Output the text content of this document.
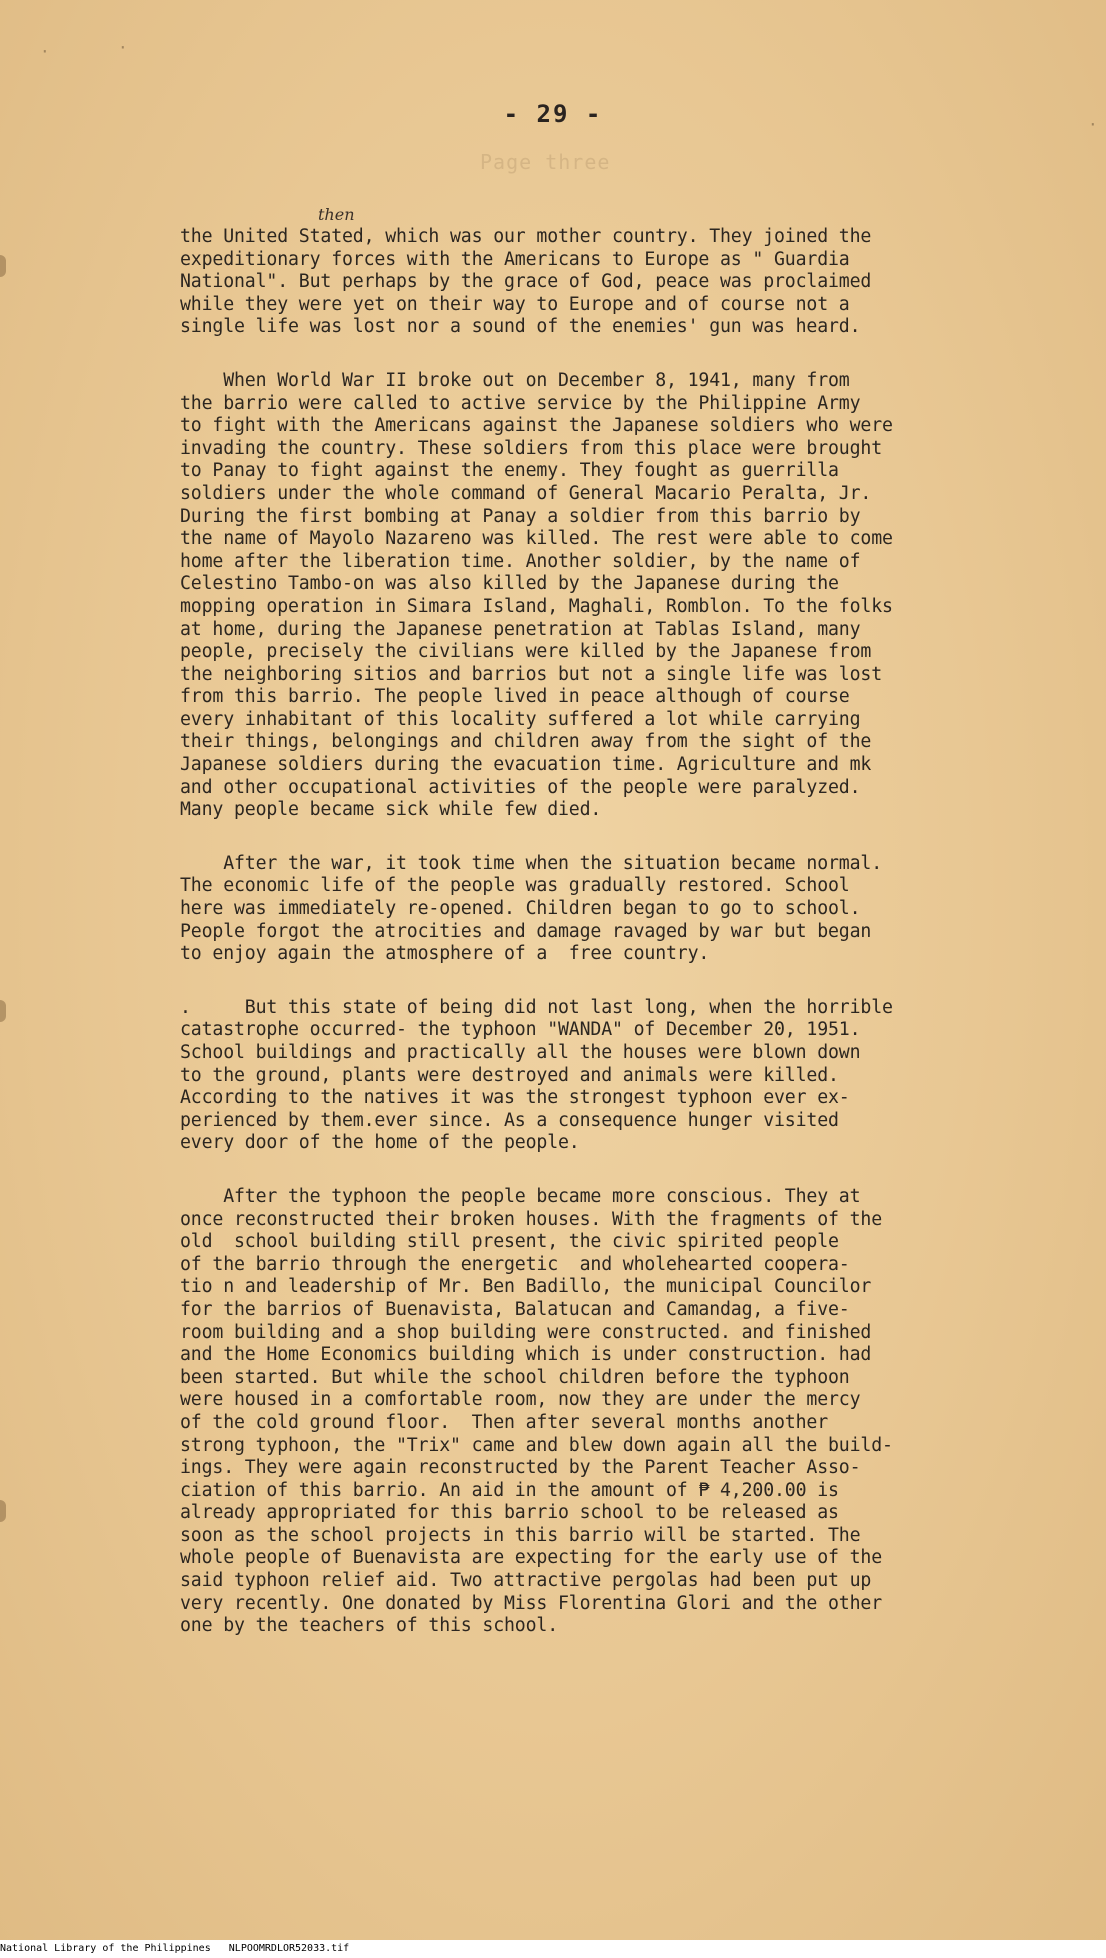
·	·
·
- 29 -
Page three
then
the United Stated, which was our mother country. They joined the
expeditionary forces with the Americans to Europe as " Guardia
National". But perhaps by the grace of God, peace was proclaimed
while they were yet on their way to Europe and of course not a
single life was lost nor a sound of the enemies' gun was heard.
When World War II broke out on December 8, 1941, many from
the barrio were called to active service by the Philippine Army
to fight with the Americans against the Japanese soldiers who were
invading the country. These soldiers from this place were brought
to Panay to fight against the enemy. They fought as guerrilla
soldiers under the whole command of General Macario Peralta, Jr.
During the first bombing at Panay a soldier from this barrio by
the name of Mayolo Nazareno was killed. The rest were able to come
home after the liberation time. Another soldier, by the name of
Celestino Tambo-on was also killed by the Japanese during the
mopping operation in Simara Island, Maghali, Romblon. To the folks
at home, during the Japanese penetration at Tablas Island, many
people, precisely the civilians were killed by the Japanese from
the neighboring sitios and barrios but not a single life was lost
from this barrio. The people lived in peace although of course
every inhabitant of this locality suffered a lot while carrying
their things, belongings and children away from the sight of the
Japanese soldiers during the evacuation time. Agriculture and mk
and other occupational activities of the people were paralyzed.
Many people became sick while few died.
After the war, it took time when the situation became normal.
The economic life of the people was gradually restored. School
here was immediately re-opened. Children began to go to school.
People forgot the atrocities and damage ravaged by war but began
to enjoy again the atmosphere of a  free country.
.     But this state of being did not last long, when the horrible
catastrophe occurred- the typhoon "WANDA" of December 20, 1951.
School buildings and practically all the houses were blown down
to the ground, plants were destroyed and animals were killed.
According to the natives it was the strongest typhoon ever ex-
perienced by them.ever since. As a consequence hunger visited
every door of the home of the people.
After the typhoon the people became more conscious. They at
once reconstructed their broken houses. With the fragments of the
old  school building still present, the civic spirited people
of the barrio through the energetic  and wholehearted coopera-
tio n and leadership of Mr. Ben Badillo, the municipal Councilor
for the barrios of Buenavista, Balatucan and Camandag, a five-
room building and a shop building were constructed. and finished
and the Home Economics building which is under construction. had
been started. But while the school children before the typhoon
were housed in a comfortable room, now they are under the mercy
of the cold ground floor.  Then after several months another
strong typhoon, the "Trix" came and blew down again all the build-
ings. They were again reconstructed by the Parent Teacher Asso-
ciation of this barrio. An aid in the amount of ₱ 4,200.00 is
already appropriated for this barrio school to be released as
soon as the school projects in this barrio will be started. The
whole people of Buenavista are expecting for the early use of the
said typhoon relief aid. Two attractive pergolas had been put up
very recently. One donated by Miss Florentina Glori and the other
one by the teachers of this school.
National Library of the Philippines NLPOOMRDLOR52033.tif
